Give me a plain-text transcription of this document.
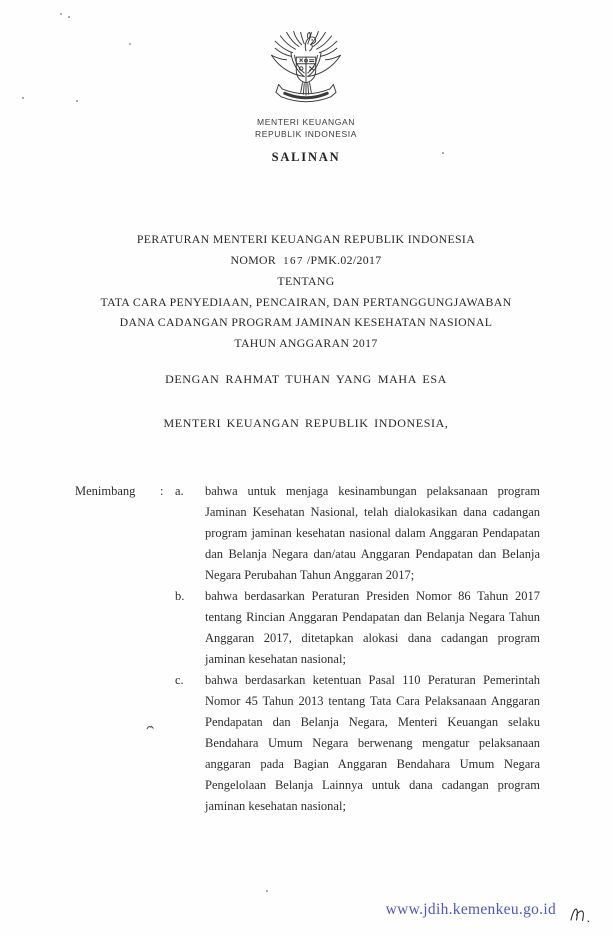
MENTERI KEUANGAN
REPUBLIK INDONESIA
SALINAN
PERATURAN MENTERI KEUANGAN REPUBLIK INDONESIA
NOMOR 167 /PMK.02/2017
TENTANG
TATA CARA PENYEDIAAN, PENCAIRAN, DAN PERTANGGUNGJAWABAN
DANA CADANGAN PROGRAM JAMINAN KESEHATAN NASIONAL
TAHUN ANGGARAN 2017
DENGAN RAHMAT TUHAN YANG MAHA ESA
MENTERI KEUANGAN REPUBLIK INDONESIA,
Menimbang	: a.	bahwa untuk menjaga kesinambungan pelaksanaan program Jaminan Kesehatan Nasional, telah dialokasikan dana cadangan program jaminan kesehatan nasional dalam Anggaran Pendapatan dan Belanja Negara dan/atau Anggaran Pendapatan dan Belanja Negara Perubahan Tahun Anggaran 2017;

b.	bahwa berdasarkan Peraturan Presiden Nomor 86 Tahun 2017 tentang Rincian Anggaran Pendapatan dan Belanja Negara Tahun Anggaran 2017, ditetapkan alokasi dana cadangan program jaminan kesehatan nasional;

c.	bahwa berdasarkan ketentuan Pasal 110 Peraturan Pemerintah Nomor 45 Tahun 2013 tentang Tata Cara Pelaksanaan Anggaran Pendapatan dan Belanja Negara, Menteri Keuangan selaku Bendahara Umum Negara berwenang mengatur pelaksanaan anggaran pada Bagian Anggaran Bendahara Umum Negara Pengelolaan Belanja Lainnya untuk dana cadangan program jaminan kesehatan nasional;

www.jdih.kemenkeu.go.id
